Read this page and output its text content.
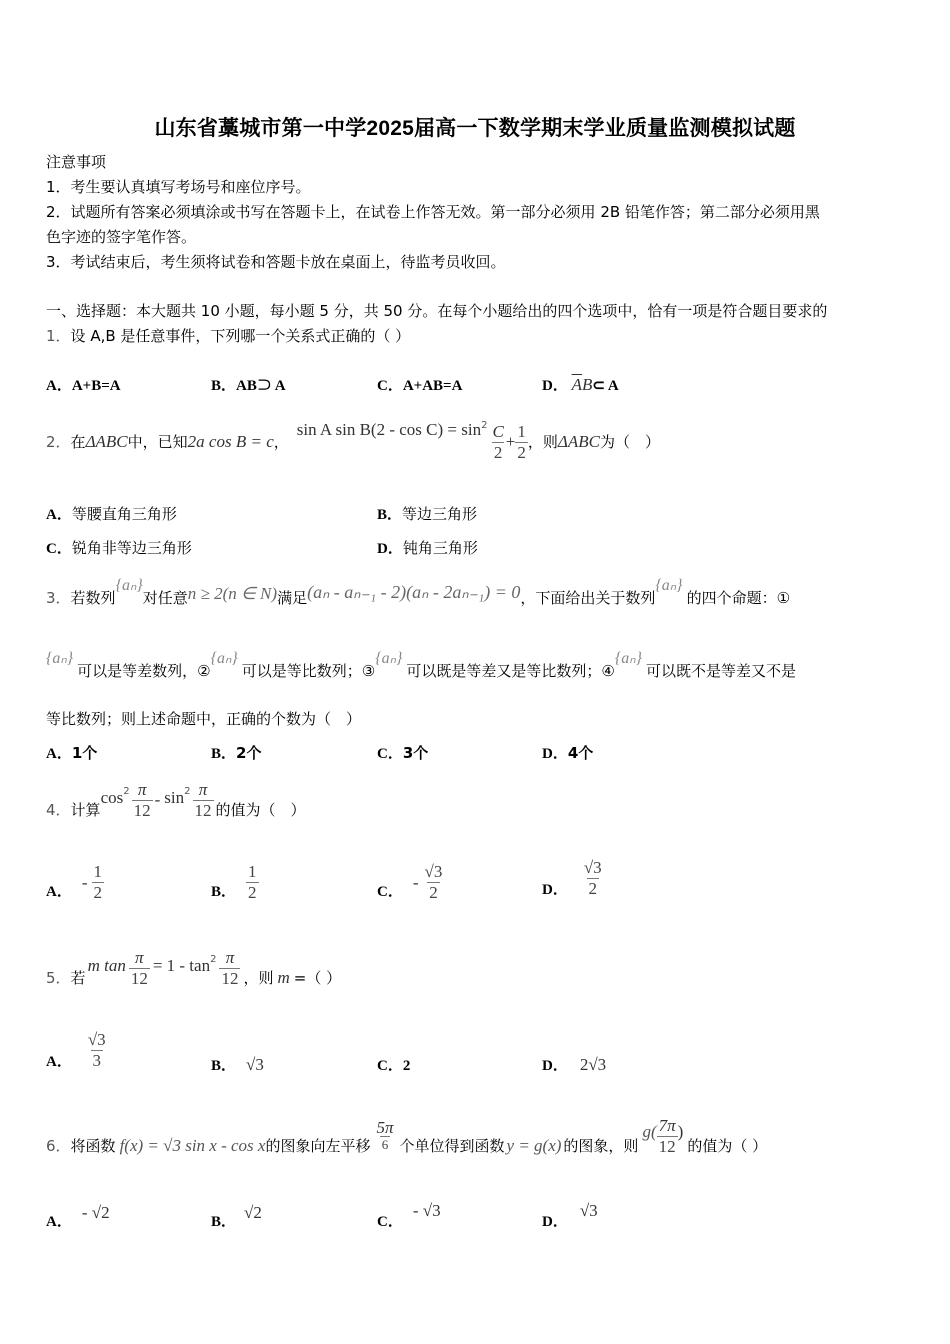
山东省藁城市第一中学2025届高一下数学期末学业质量监测模拟试题
注意事项
1．考生要认真填写考场号和座位序号。
2．试题所有答案必须填涂或书写在答题卡上，在试卷上作答无效。第一部分必须用 2B 铅笔作答；第二部分必须用黑
色字迹的签字笔作答。
3．考试结束后，考生须将试卷和答题卡放在桌面上，待监考员收回。
一、选择题：本大题共 10 小题，每小题 5 分，共 50 分。在每个小题给出的四个选项中，恰有一项是符合题目要求的
1．设 A,B 是任意事件，下列哪一个关系式正确的（ ）
A．A+B=A	B．AB⊃ A	C．A+AB=A	D． $\overline{A}B\subset$ A
2． 在 ΔABC 中，已知 2a cos B = c ，
sin A $\sin B(2 - \cos C) = \sin 2 \frac{C}{2} + \frac{1}{2}$ ，则 ΔABC 为（　）
A．等腰直角三角形	B．等边三角形
C．锐角非等边三角形	D．钝角三角形
3． 若数列
{aₙ}
对任意 n ≥ 2(n ∈ N) 满足 (aₙ - aₙ₋₁ - 2)(aₙ - 2aₙ₋₁) = 0 ，下面给出关于数列
{aₙ}
的四个命题：①
{aₙ}
可以是等差数列，②
{aₙ}
可以是等比数列；③
{aₙ}
可以既是等差又是等比数列；④
{aₙ}
可以既不是等差又不是
等比数列；则上述命题中，正确的个数为（　）
A．1个	B．2个	C．3个	D．4个
4． 计算
$\cos 2 \frac{\pi}{12}$ - $\sin 2 \frac{\pi}{12}$ 的值为（　）
A．
- $\frac{1}{2}$	B． $\frac{1}{2}$	C．
- $\frac{√3}{2}$	D． $\frac{√3}{2}$
5． 若
m $\tan \frac{\pi}{12} = 1 - \tan 2 \frac{\pi}{12}$ ，则 m =（ ）
A． $\frac{√3}{3}$	B． √3	C．2	D． 2√3
6． 将函数 f(x) = √3 sin x - cos x 的图象向左平移 $\frac{5\pi}{6}$ 个单位得到函数 y = g(x) 的图象，则
$g( \frac{7\pi}{12}$ )
的值为（ ）
A． - √2	B． √2	C．- √3
D．√3
